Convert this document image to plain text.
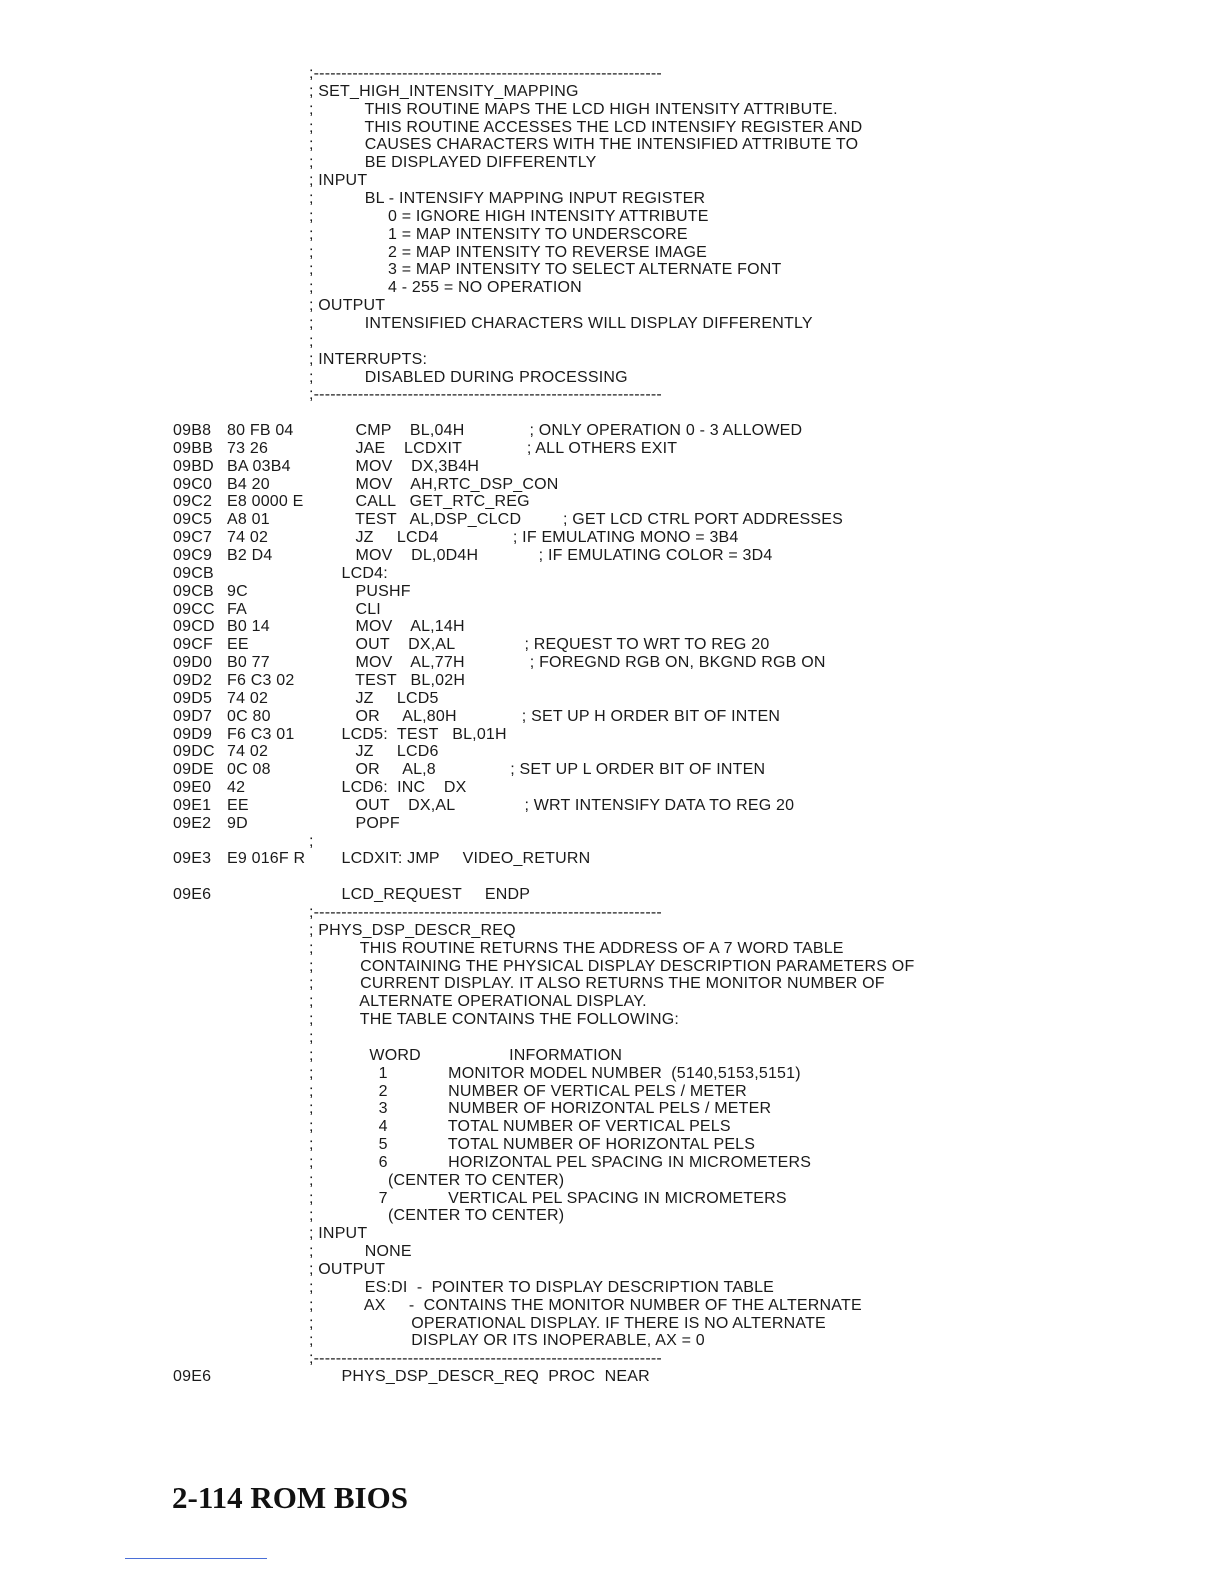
;---------------------------------------------------------------
; SET_HIGH_INTENSITY_MAPPING
;           THIS ROUTINE MAPS THE LCD HIGH INTENSITY ATTRIBUTE.
;           THIS ROUTINE ACCESSES THE LCD INTENSIFY REGISTER AND
;           CAUSES CHARACTERS WITH THE INTENSIFIED ATTRIBUTE TO
;           BE DISPLAYED DIFFERENTLY
; INPUT
;           BL - INTENSIFY MAPPING INPUT REGISTER
;                0 = IGNORE HIGH INTENSITY ATTRIBUTE
;                1 = MAP INTENSITY TO UNDERSCORE
;                2 = MAP INTENSITY TO REVERSE IMAGE
;                3 = MAP INTENSITY TO SELECT ALTERNATE FONT
;                4 - 255 = NO OPERATION
; OUTPUT
;           INTENSIFIED CHARACTERS WILL DISPLAY DIFFERENTLY
;
; INTERRUPTS:
;           DISABLED DURING PROCESSING
;---------------------------------------------------------------
09B8 80 FB 04 CMP    BL,04H              ; ONLY OPERATION 0 - 3 ALLOWED
09BB 73 26	JAE    LCDXIT              ; ALL OTHERS EXIT
09BD BA 03B4 MOV    DX,3B4H
09C0 B4 20 MOV    AH,RTC_DSP_CON
09C2 E8 0000 E CALL   GET_RTC_REG
09C5 A8 01 TEST   AL,DSP_CLCD         ; GET LCD CTRL PORT ADDRESSES
09C7 74 02	JZ     LCD4                ; IF EMULATING MONO = 3B4
09C9 B2 D4 MOV    DL,0D4H             ; IF EMULATING COLOR = 3D4
09CB	LCD4:
09CB 9C	PUSHF
09CC FA	CLI
09CD B0 14 MOV    AL,14H
09CF EE	OUT    DX,AL               ; REQUEST TO WRT TO REG 20
09D0 B0 77 MOV    AL,77H              ; FOREGND RGB ON, BKGND RGB ON
09D2 F6 C3 02 TEST   BL,02H
09D5 74 02	JZ     LCD5
09D7 0C 80 OR     AL,80H              ; SET UP H ORDER BIT OF INTEN
09D9 F6 C3 01 LCD5:  TEST   BL,01H
09DC 74 02	JZ     LCD6
09DE 0C 08 OR     AL,8                ; SET UP L ORDER BIT OF INTEN
09E0 42	LCD6:  INC    DX
09E1 EE	OUT    DX,AL               ; WRT INTENSIFY DATA TO REG 20
09E2 9D	POPF
;
09E3 E9 016F R LCDXIT: JMP     VIDEO_RETURN
09E6	LCD_REQUEST     ENDP
;---------------------------------------------------------------
; PHYS_DSP_DESCR_REQ
;          THIS ROUTINE RETURNS THE ADDRESS OF A 7 WORD TABLE
;          CONTAINING THE PHYSICAL DISPLAY DESCRIPTION PARAMETERS OF
;          CURRENT DISPLAY. IT ALSO RETURNS THE MONITOR NUMBER OF
;          ALTERNATE OPERATIONAL DISPLAY.
;          THE TABLE CONTAINS THE FOLLOWING:
;
;            WORD                   INFORMATION
;              1             MONITOR MODEL NUMBER  (5140,5153,5151)
;              2             NUMBER OF VERTICAL PELS / METER
;              3             NUMBER OF HORIZONTAL PELS / METER
;              4             TOTAL NUMBER OF VERTICAL PELS
;              5             TOTAL NUMBER OF HORIZONTAL PELS
;              6             HORIZONTAL PEL SPACING IN MICROMETERS
;                (CENTER TO CENTER)
;              7             VERTICAL PEL SPACING IN MICROMETERS
;                (CENTER TO CENTER)
; INPUT
;           NONE
; OUTPUT
;           ES:DI  -  POINTER TO DISPLAY DESCRIPTION TABLE
;           AX     -  CONTAINS THE MONITOR NUMBER OF THE ALTERNATE
;                     OPERATIONAL DISPLAY. IF THERE IS NO ALTERNATE
;                     DISPLAY OR ITS INOPERABLE, AX = 0
;---------------------------------------------------------------
09E6	PHYS_DSP_DESCR_REQ  PROC  NEAR
2-114 ROM BIOS
